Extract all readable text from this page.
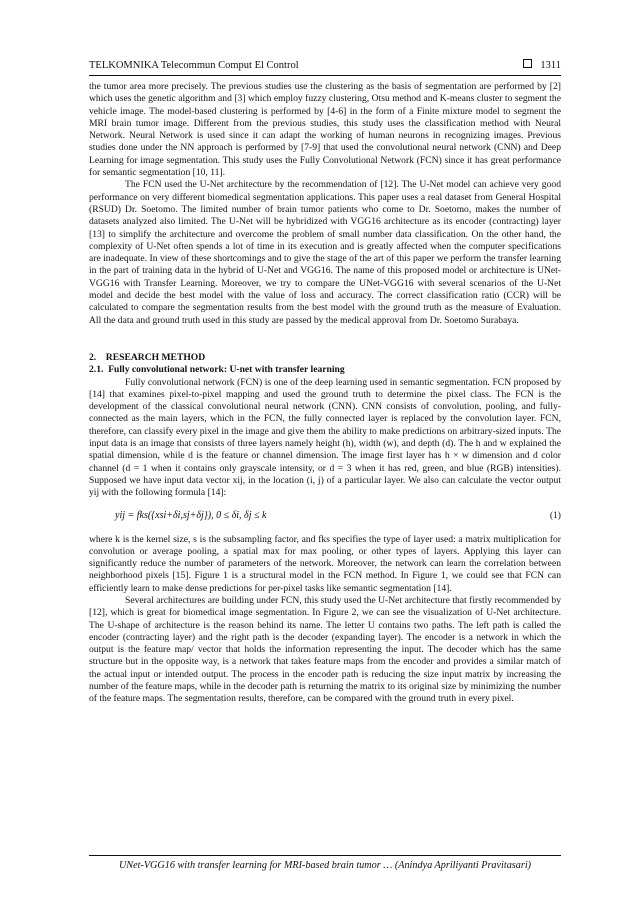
TELKOMNIKA Telecommun Comput El Control	1311

the tumor area more precisely. The previous studies use the clustering as the basis of segmentation are performed by [2] which uses the genetic algorithm and [3] which employ fuzzy clustering, Otsu method and K-means cluster to segment the vehicle image. The model-based clustering is performed by [4-6] in the form of a Finite mixture model to segment the MRI brain tumor image. Different from the previous studies, this study uses the classification method with Neural Network. Neural Network is used since it can adapt the working of human neurons in recognizing images. Previous studies done under the NN approach is performed by [7-9] that used the convolutional neural network (CNN) and Deep Learning for image segmentation. This study uses the Fully Convolutional Network (FCN) since it has great performance for semantic segmentation [10, 11].

The FCN used the U-Net architecture by the recommendation of [12]. The U-Net model can achieve very good performance on very different biomedical segmentation applications. This paper uses a real dataset from General Hospital (RSUD) Dr. Soetomo. The limited number of brain tumor patients who come to Dr. Soetomo, makes the number of datasets analyzed also limited. The U-Net will be hybridized with VGG16 architecture as its encoder (contracting) layer [13] to simplify the architecture and overcome the problem of small number data classification. On the other hand, the complexity of U-Net often spends a lot of time in its execution and is greatly affected when the computer specifications are inadequate. In view of these shortcomings and to give the stage of the art of this paper we perform the transfer learning in the part of training data in the hybrid of U-Net and VGG16. The name of this proposed model or architecture is UNet-VGG16 with Transfer Learning. Moreover, we try to compare the UNet-VGG16 with several scenarios of the U-Net model and decide the best model with the value of loss and accuracy. The correct classification ratio (CCR) will be calculated to compare the segmentation results from the best model with the ground truth as the measure of Evaluation. All the data and ground truth used in this study are passed by the medical approval from Dr. Soetomo Surabaya.

2.    RESEARCH METHOD

2.1.  Fully convolutional network: U-net with transfer learning

Fully convolutional network (FCN) is one of the deep learning used in semantic segmentation. FCN proposed by [14] that examines pixel-to-pixel mapping and used the ground truth to determine the pixel class. The FCN is the development of the classical convolutional neural network (CNN). CNN consists of convolution, pooling, and fully-connected as the main layers, which in the FCN, the fully connected layer is replaced by the convolution layer. FCN, therefore, can classify every pixel in the image and give them the ability to make predictions on arbitrary-sized inputs. The input data is an image that consists of three layers namely height (h), width (w), and depth (d). The h and w explained the spatial dimension, while d is the feature or channel dimension. The image first layer has h × w dimension and d color channel (d = 1 when it contains only grayscale intensity, or d = 3 when it has red, green, and blue (RGB) intensities). Supposed we have input data vector xij, in the location (i, j) of a particular layer. We also can calculate the vector output yij with the following formula [14]:

yij = fks({xsi+δi,sj+δj}), 0 ≤ δi, δj ≤ k	(1)

where k is the kernel size, s is the subsampling factor, and fks specifies the type of layer used: a matrix multiplication for convolution or average pooling, a spatial max for max pooling, or other types of layers. Applying this layer can significantly reduce the number of parameters of the network. Moreover, the network can learn the correlation between neighborhood pixels [15]. Figure 1 is a structural model in the FCN method. In Figure 1, we could see that FCN can efficiently learn to make dense predictions for per-pixel tasks like semantic segmentation [14].

Several architectures are building under FCN, this study used the U-Net architecture that firstly recommended by [12], which is great for biomedical image segmentation. In Figure 2, we can see the visualization of U-Net architecture. The U-shape of architecture is the reason behind its name. The letter U contains two paths. The left path is called the encoder (contracting layer) and the right path is the decoder (expanding layer). The encoder is a network in which the output is the feature map/ vector that holds the information representing the input. The decoder which has the same structure but in the opposite way, is a network that takes feature maps from the encoder and provides a similar match of the actual input or intended output. The process in the encoder path is reducing the size input matrix by increasing the number of the feature maps, while in the decoder path is returning the matrix to its original size by minimizing the number of the feature maps. The segmentation results, therefore, can be compared with the ground truth in every pixel.

UNet-VGG16 with transfer learning for MRI-based brain tumor … (Anindya Apriliyanti Pravitasari)
